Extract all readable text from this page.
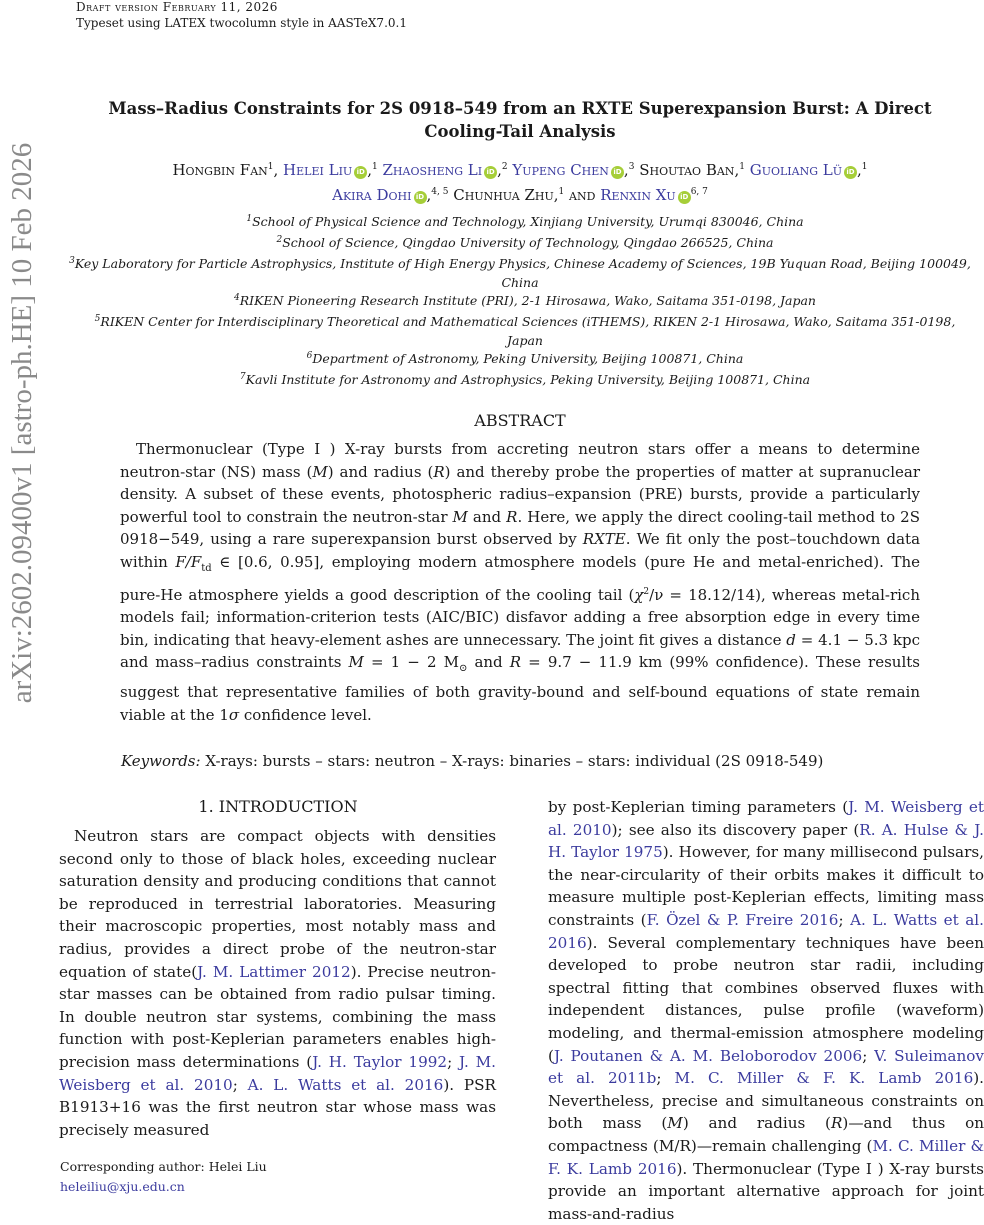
Draft version February 11, 2026
Typeset using LATEX twocolumn style in AASTeX7.0.1
arXiv:2602.09400v1 [astro-ph.HE] 10 Feb 2026
Mass–Radius Constraints for 2S 0918–549 from an RXTE Superexpansion Burst: A Direct Cooling-Tail Analysis
Hongbin Fan$^1$, Helei Liu iD ,$^1$ Zhaosheng Li iD ,$^2$ Yupeng Chen iD ,$^3$ Shoutao Ban,$^1$ Guoliang Lü iD ,$^1$
Akira Dohi iD ,$^{4, 5}$ Chunhua Zhu,$^1$ and Renxin Xu iD $^{6, 7}$
$^1$School of Physical Science and Technology, Xinjiang University, Urumqi 830046, China
$^2$School of Science, Qingdao University of Technology, Qingdao 266525, China
$^3$Key Laboratory for Particle Astrophysics, Institute of High Energy Physics, Chinese Academy of Sciences, 19B Yuquan Road, Beijing 100049, China
$^4$RIKEN Pioneering Research Institute (PRI), 2-1 Hirosawa, Wako, Saitama 351-0198, Japan
$^5$RIKEN Center for Interdisciplinary Theoretical and Mathematical Sciences (iTHEMS), RIKEN 2-1 Hirosawa, Wako, Saitama 351-0198, Japan
$^6$Department of Astronomy, Peking University, Beijing 100871, China
$^7$Kavli Institute for Astronomy and Astrophysics, Peking University, Beijing 100871, China
ABSTRACT
Thermonuclear (Type I ) X-ray bursts from accreting neutron stars offer a means to determine neutron-star (NS) mass (M) and radius (R) and thereby probe the properties of matter at supranuclear density. A subset of these events, photospheric radius–expansion (PRE) bursts, provide a particularly powerful tool to constrain the neutron-star M and R. Here, we apply the direct cooling-tail method to 2S 0918−549, using a rare superexpansion burst observed by RXTE. We fit only the post–touchdown data within $F/F_{td}$ ∈ [0.6, 0.95], employing modern atmosphere models (pure He and metal-enriched). The pure-He atmosphere yields a good description of the cooling tail $(\chi^2/\nu = 18.12/14)$, whereas metal-rich models fail; information-criterion tests (AIC/BIC) disfavor adding a free absorption edge in every time bin, indicating that heavy-element ashes are unnecessary. The joint fit gives a distance d = 4.1 − 5.3 kpc and mass–radius constraints M = 1 − 2 $M_⊙$ and R = 9.7 − 11.9 km (99% confidence). These results suggest that representative families of both gravity-bound and self-bound equations of state remain viable at the 1σ confidence level.
Keywords: X-rays: bursts – stars: neutron – X-rays: binaries – stars: individual (2S 0918-549)
1. INTRODUCTION
Neutron stars are compact objects with densities second only to those of black holes, exceeding nuclear saturation density and producing conditions that cannot be reproduced in terrestrial laboratories. Measuring their macroscopic properties, most notably mass and radius, provides a direct probe of the neutron-star equation of state(J. M. Lattimer 2012). Precise neutron-star masses can be obtained from radio pulsar timing. In double neutron star systems, combining the mass function with post-Keplerian parameters enables high-precision mass determinations (J. H. Taylor 1992; J. M. Weisberg et al. 2010; A. L. Watts et al. 2016). PSR B1913+16 was the first neutron star whose mass was precisely measured
by post-Keplerian timing parameters (J. M. Weisberg et al. 2010); see also its discovery paper (R. A. Hulse & J. H. Taylor 1975). However, for many millisecond pulsars, the near-circularity of their orbits makes it difficult to measure multiple post-Keplerian effects, limiting mass constraints (F. Özel & P. Freire 2016; A. L. Watts et al. 2016). Several complementary techniques have been developed to probe neutron star radii, including spectral fitting that combines observed fluxes with independent distances, pulse profile (waveform) modeling, and thermal-emission atmosphere modeling (J. Poutanen & A. M. Beloborodov 2006; V. Suleimanov et al. 2011b; M. C. Miller & F. K. Lamb 2016). Nevertheless, precise and simultaneous constraints on both mass (M) and radius (R)—and thus on compactness (M/R)—remain challenging (M. C. Miller & F. K. Lamb 2016). Thermonuclear (Type I ) X-ray bursts provide an important alternative approach for joint mass-and-radius
Corresponding author: Helei Liu
heleiliu@xju.edu.cn
